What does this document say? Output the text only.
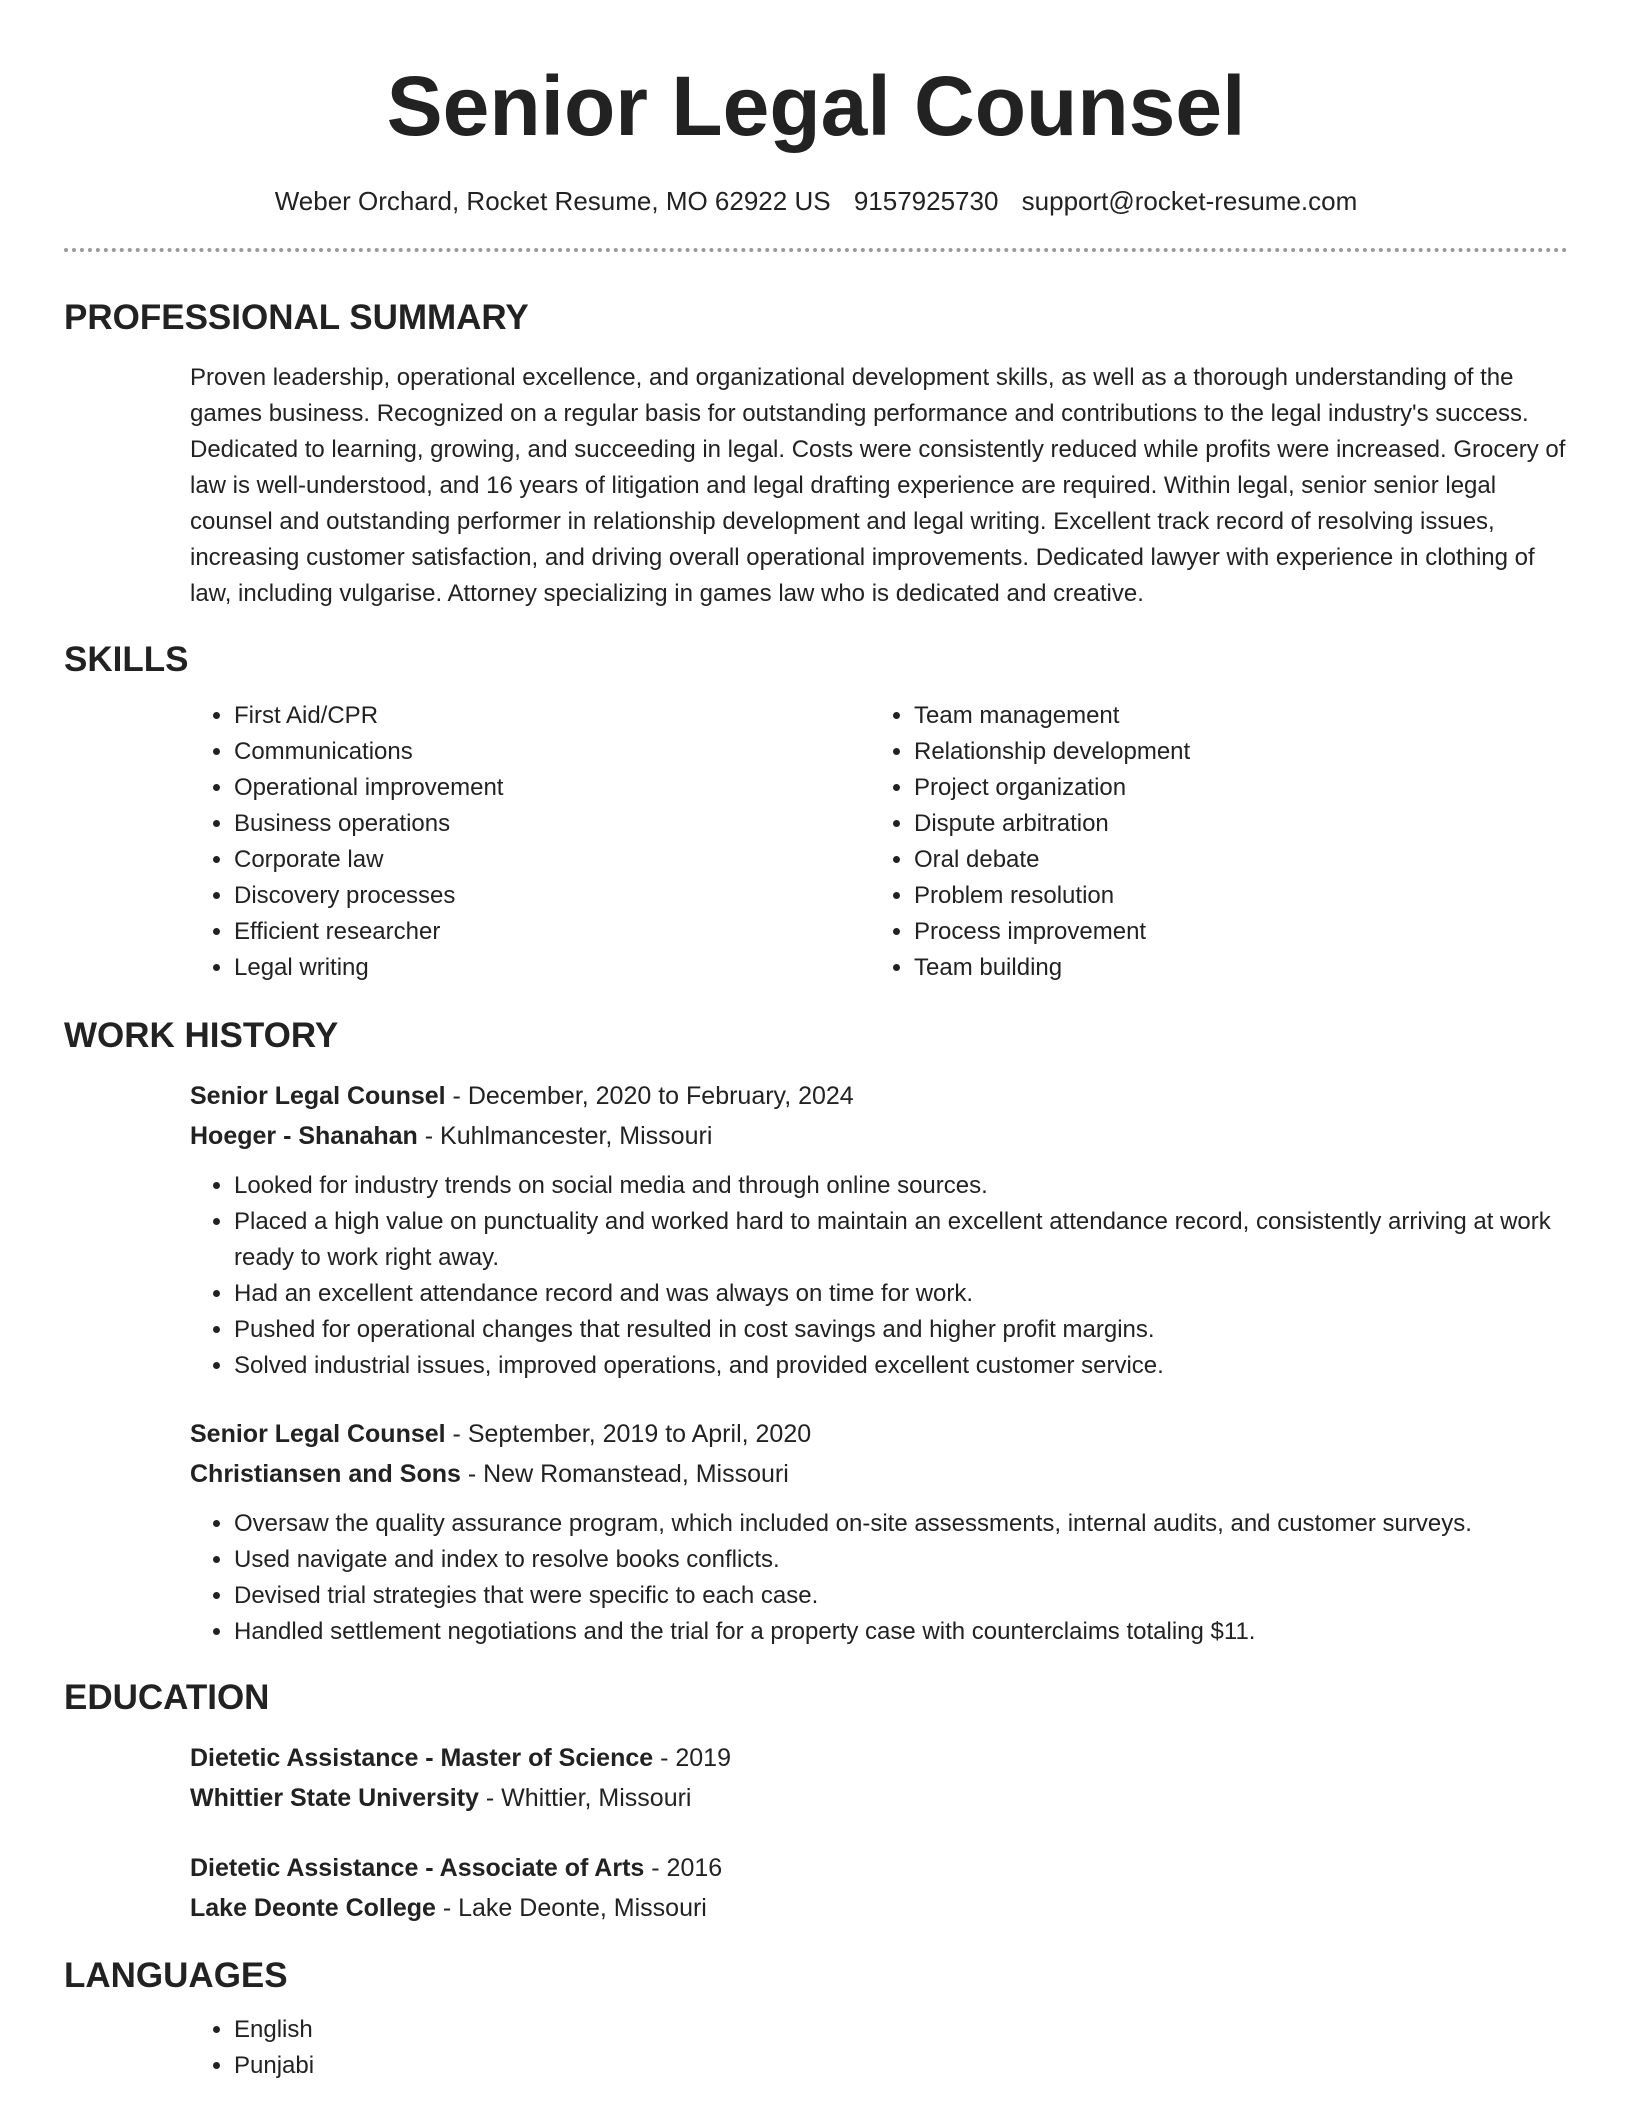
Senior Legal Counsel
Weber Orchard, Rocket Resume, MO 62922 US 9157925730 support@rocket-resume.com
PROFESSIONAL SUMMARY

Proven leadership, operational excellence, and organizational development skills, as well as a thorough understanding of the games business. Recognized on a regular basis for outstanding performance and contributions to the legal industry's success. Dedicated to learning, growing, and succeeding in legal. Costs were consistently reduced while profits were increased. Grocery of law is well-understood, and 16 years of litigation and legal drafting experience are required. Within legal, senior senior legal counsel and outstanding performer in relationship development and legal writing. Excellent track record of resolving issues, increasing customer satisfaction, and driving overall operational improvements. Dedicated lawyer with experience in clothing of law, including vulgarise. Attorney specializing in games law who is dedicated and creative.

SKILLS
• First Aid/CPR
• Communications
• Operational improvement
• Business operations
• Corporate law
• Discovery processes
• Efficient researcher
• Legal writing
• Team management
• Relationship development
• Project organization
• Dispute arbitration
• Oral debate
• Problem resolution
• Process improvement
• Team building
WORK HISTORY
Senior Legal Counsel - December, 2020 to February, 2024
Hoeger - Shanahan - Kuhlmancester, Missouri
• Looked for industry trends on social media and through online sources.
• Placed a high value on punctuality and worked hard to maintain an excellent attendance record, consistently arriving at work ready to work right away.
• Had an excellent attendance record and was always on time for work.
• Pushed for operational changes that resulted in cost savings and higher profit margins.
• Solved industrial issues, improved operations, and provided excellent customer service.
Senior Legal Counsel - September, 2019 to April, 2020
Christiansen and Sons - New Romanstead, Missouri
• Oversaw the quality assurance program, which included on-site assessments, internal audits, and customer surveys.
• Used navigate and index to resolve books conflicts.
• Devised trial strategies that were specific to each case.
• Handled settlement negotiations and the trial for a property case with counterclaims totaling $11.
EDUCATION
Dietetic Assistance - Master of Science - 2019
Whittier State University - Whittier, Missouri
Dietetic Assistance - Associate of Arts - 2016
Lake Deonte College - Lake Deonte, Missouri
LANGUAGES
• English
• Punjabi
